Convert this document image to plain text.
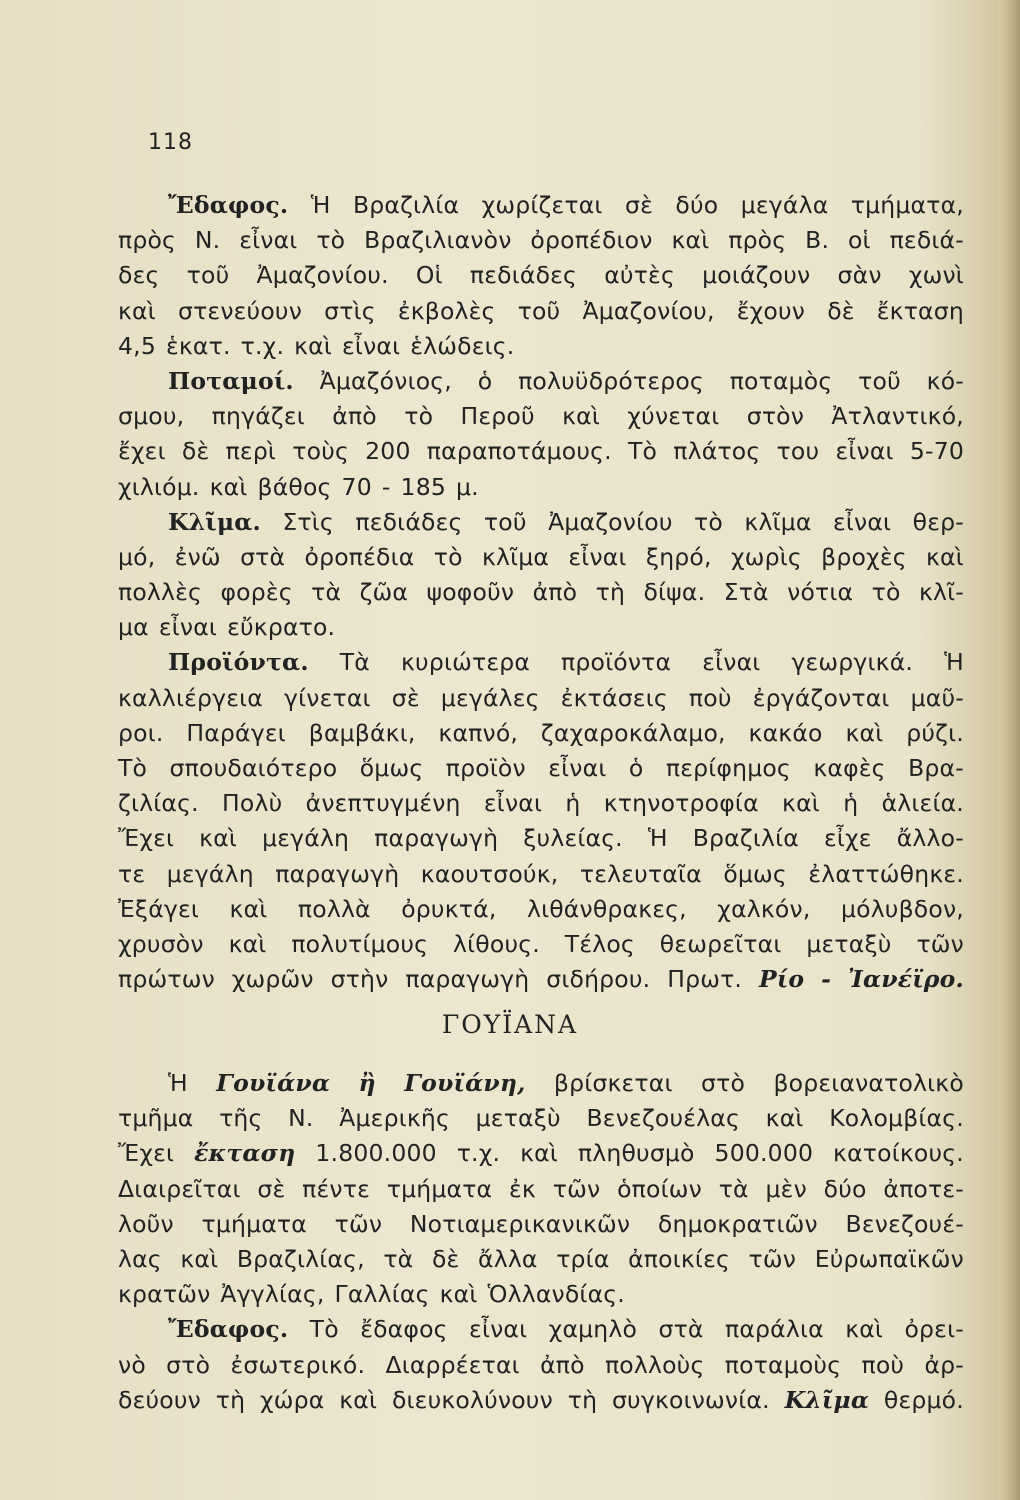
118
Ἔδαφος. Ἡ Βραζιλία χωρίζεται σὲ δύο μεγάλα τμήματα,
πρὸς Ν. εἶναι τὸ Βραζιλιανὸν ὀροπέδιον καὶ πρὸς Β. οἱ πεδιά-
δες τοῦ Ἀμαζονίου. Οἱ πεδιάδες αὐτὲς μοιάζουν σὰν χωνὶ
καὶ στενεύουν στὶς ἐκβολὲς τοῦ Ἀμαζονίου, ἔχουν δὲ ἔκταση
4,5 ἑκατ. τ.χ. καὶ εἶναι ἑλώδεις.
Ποταμοί. Ἀμαζόνιος, ὁ πολυϋδρότερος ποταμὸς τοῦ κό-
σμου, πηγάζει ἀπὸ τὸ Περοῦ καὶ χύνεται στὸν Ἀτλαντικό,
ἔχει δὲ περὶ τοὺς 200 παραποτάμους. Τὸ πλάτος του εἶναι 5-70
χιλιόμ. καὶ βάθος 70 - 185 μ.
Κλῖμα. Στὶς πεδιάδες τοῦ Ἀμαζονίου τὸ κλῖμα εἶναι θερ-
μό, ἐνῶ στὰ ὀροπέδια τὸ κλῖμα εἶναι ξηρό, χωρὶς βροχὲς καὶ
πολλὲς φορὲς τὰ ζῶα ψοφοῦν ἀπὸ τὴ δίψα. Στὰ νότια τὸ κλῖ-
μα εἶναι εὔκρατο.
Προϊόντα. Τὰ κυριώτερα προϊόντα εἶναι γεωργικά. Ἡ
καλλιέργεια γίνεται σὲ μεγάλες ἐκτάσεις ποὺ ἐργάζονται μαῦ-
ροι. Παράγει βαμβάκι, καπνό, ζαχαροκάλαμο, κακάο καὶ ρύζι.
Τὸ σπουδαιότερο ὅμως προϊὸν εἶναι ὁ περίφημος καφὲς Βρα-
ζιλίας. Πολὺ ἀνεπτυγμένη εἶναι ἡ κτηνοτροφία καὶ ἡ ἁλιεία.
Ἔχει καὶ μεγάλη παραγωγὴ ξυλείας. Ἡ Βραζιλία εἶχε ἄλλο-
τε μεγάλη παραγωγὴ καουτσούκ, τελευταῖα ὅμως ἐλαττώθηκε.
Ἐξάγει καὶ πολλὰ ὀρυκτά, λιθάνθρακες, χαλκόν, μόλυβδον,
χρυσὸν καὶ πολυτίμους λίθους. Τέλος θεωρεῖται μεταξὺ τῶν
πρώτων χωρῶν στὴν παραγωγὴ σιδήρου. Πρωτ. Ρίο - Ἰανέϊρο.
ΓΟΥΪΑΝΑ
Ἡ Γουϊάνα ἢ Γουϊάνη, βρίσκεται στὸ βορειανατολικὸ
τμῆμα τῆς Ν. Ἀμερικῆς μεταξὺ Βενεζουέλας καὶ Κολομβίας.
Ἔχει ἔκταση 1.800.000 τ.χ. καὶ πληθυσμὸ 500.000 κατοίκους.
Διαιρεῖται σὲ πέντε τμήματα ἐκ τῶν ὁποίων τὰ μὲν δύο ἀποτε-
λοῦν τμήματα τῶν Νοτιαμερικανικῶν δημοκρατιῶν Βενεζουέ-
λας καὶ Βραζιλίας, τὰ δὲ ἄλλα τρία ἀποικίες τῶν Εὐρωπαϊκῶν
κρατῶν Ἀγγλίας, Γαλλίας καὶ Ὁλλανδίας.
Ἔδαφος. Τὸ ἔδαφος εἶναι χαμηλὸ στὰ παράλια καὶ ὀρει-
νὸ στὸ ἐσωτερικό. Διαρρέεται ἀπὸ πολλοὺς ποταμοὺς ποὺ ἀρ-
δεύουν τὴ χώρα καὶ διευκολύνουν τὴ συγκοινωνία. Κλῖμα θερμό.
